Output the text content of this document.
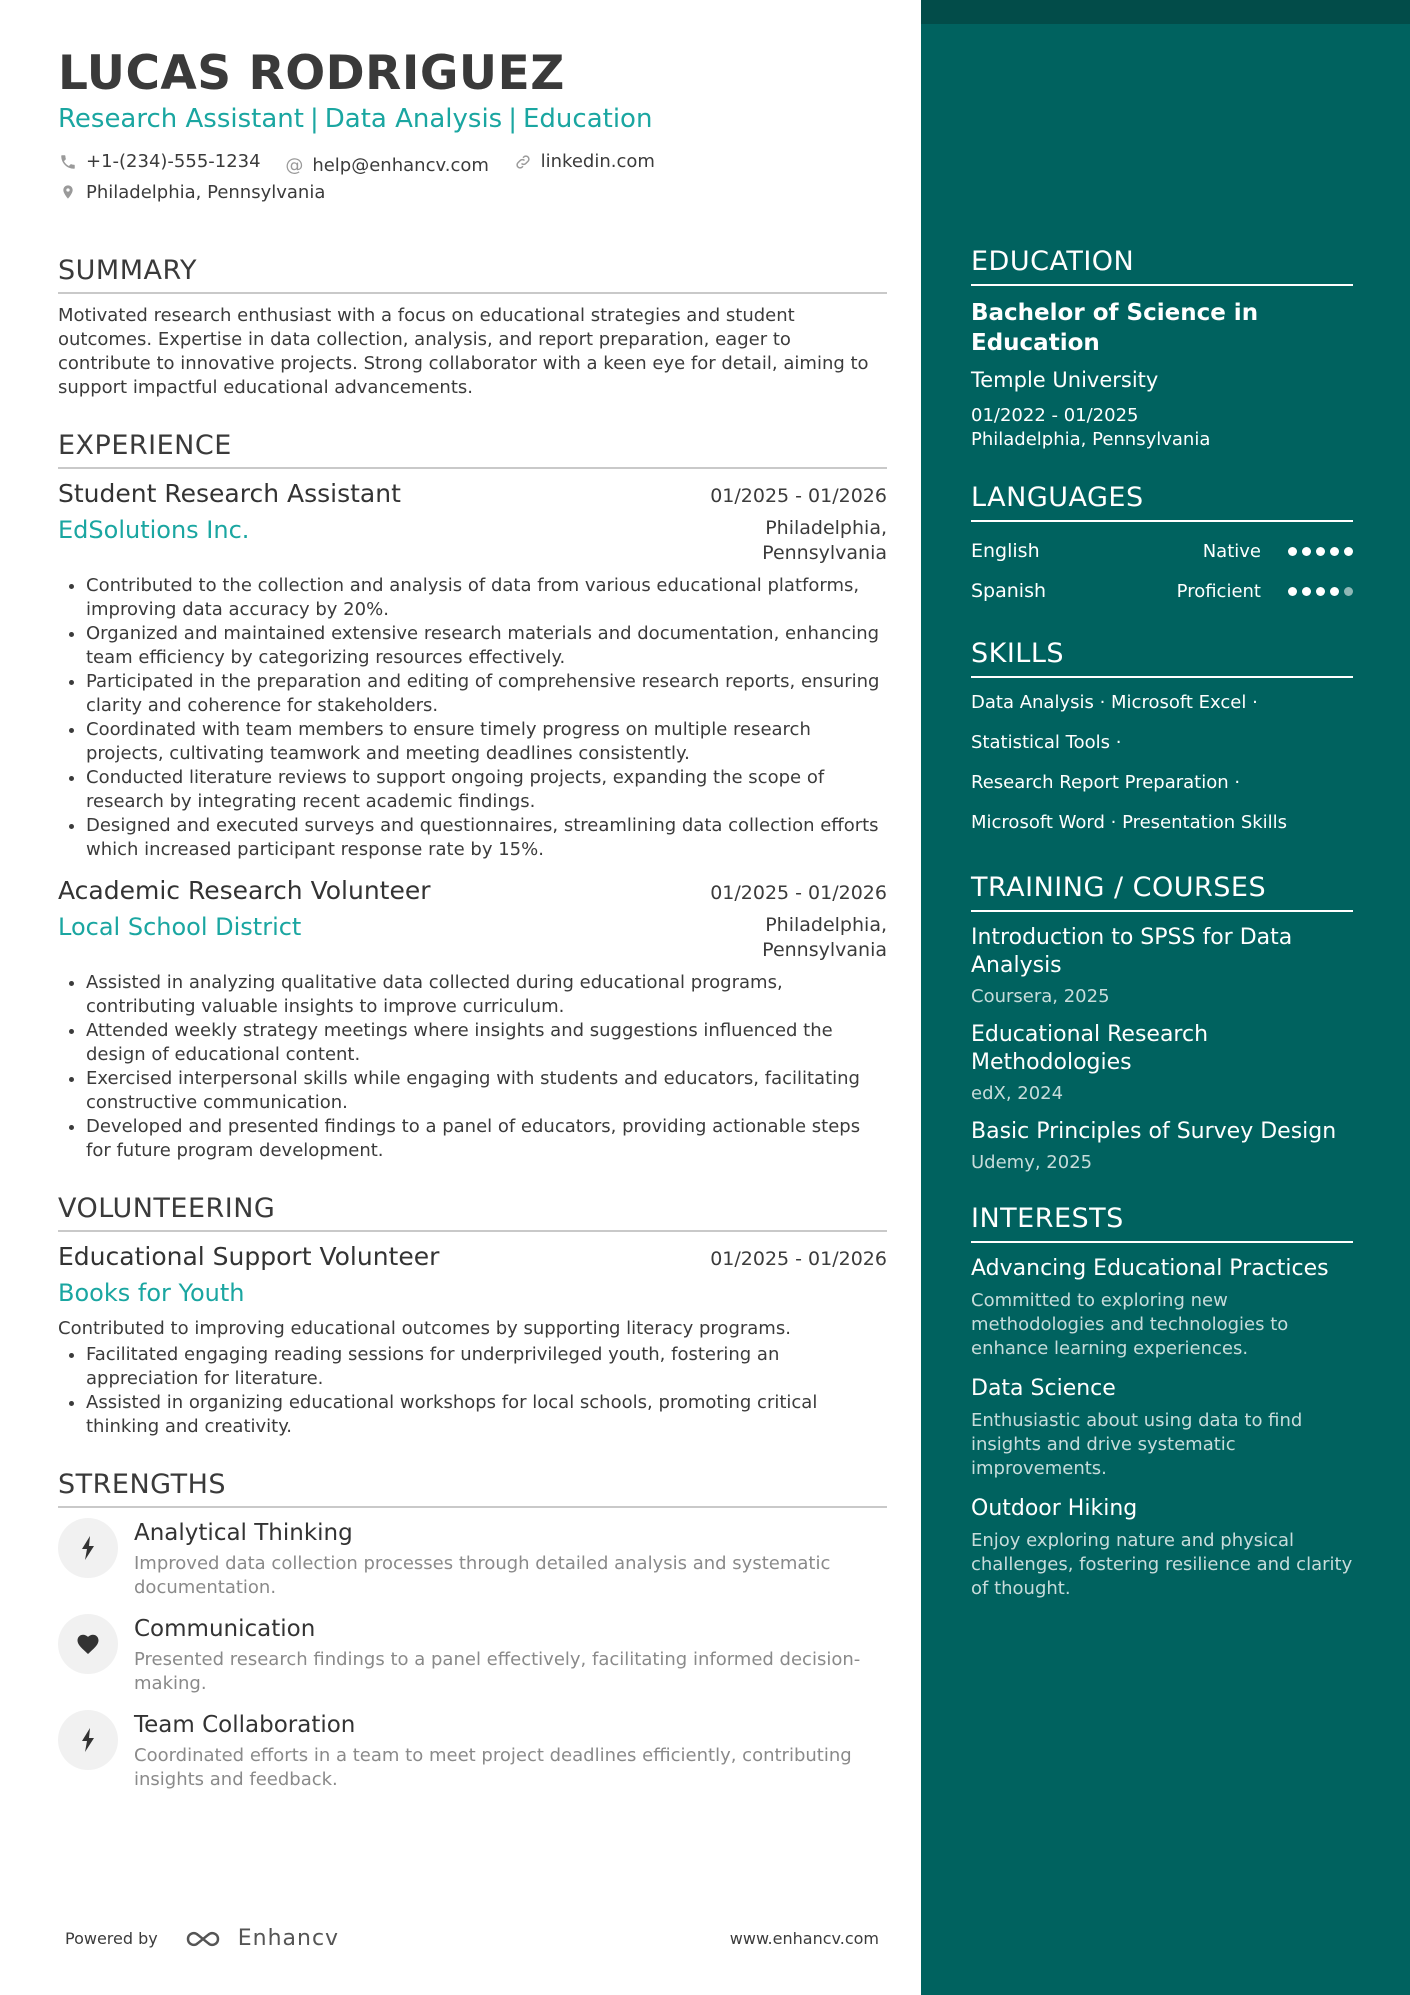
LUCAS RODRIGUEZ
Research Assistant | Data Analysis | Education
+1-(234)-555-1234
@ help@enhancv.com
	linkedin.com
Philadelphia, Pennsylvania
SUMMARY
Motivated research enthusiast with a focus on educational strategies and student outcomes. Expertise in data collection, analysis, and report preparation, eager to contribute to innovative projects. Strong collaborator with a keen eye for detail, aiming to support impactful educational advancements.
EXPERIENCE
Student Research Assistant	01/2025 - 01/2026
EdSolutions Inc.	Philadelphia,
Pennsylvania
• Contributed to the collection and analysis of data from various educational platforms, improving data accuracy by 20%.
• Organized and maintained extensive research materials and documentation, enhancing team efficiency by categorizing resources effectively.
• Participated in the preparation and editing of comprehensive research reports, ensuring clarity and coherence for stakeholders.
• Coordinated with team members to ensure timely progress on multiple research projects, cultivating teamwork and meeting deadlines consistently.
• Conducted literature reviews to support ongoing projects, expanding the scope of research by integrating recent academic findings.
• Designed and executed surveys and questionnaires, streamlining data collection efforts which increased participant response rate by 15%.
Academic Research Volunteer	01/2025 - 01/2026
Local School District	Philadelphia,
Pennsylvania
• Assisted in analyzing qualitative data collected during educational programs, contributing valuable insights to improve curriculum.
• Attended weekly strategy meetings where insights and suggestions influenced the design of educational content.
• Exercised interpersonal skills while engaging with students and educators, facilitating constructive communication.
• Developed and presented findings to a panel of educators, providing actionable steps for future program development.
VOLUNTEERING
Educational Support Volunteer	01/2025 - 01/2026
Books for Youth
Contributed to improving educational outcomes by supporting literacy programs.
• Facilitated engaging reading sessions for underprivileged youth, fostering an appreciation for literature.
• Assisted in organizing educational workshops for local schools, promoting critical thinking and creativity.
STRENGTHS
Analytical Thinking
Improved data collection processes through detailed analysis and systematic documentation.
Communication
Presented research findings to a panel effectively, facilitating informed decision-making.
Team Collaboration
Coordinated efforts in a team to meet project deadlines efficiently, contributing insights and feedback.
Powered by	Enhancv	www.enhancv.com
EDUCATION
Bachelor of Science in Education
Temple University
01/2022 - 01/2025
Philadelphia, Pennsylvania
LANGUAGES
English	Native
Spanish	Proficient
SKILLS
Data Analysis · Microsoft Excel ·
Statistical Tools ·
Research Report Preparation ·
Microsoft Word · Presentation Skills
TRAINING / COURSES
Introduction to SPSS for Data Analysis
Coursera, 2025
Educational Research Methodologies
edX, 2024
Basic Principles of Survey Design
Udemy, 2025
INTERESTS
Advancing Educational Practices
Committed to exploring new methodologies and technologies to enhance learning experiences.
Data Science
Enthusiastic about using data to find insights and drive systematic improvements.
Outdoor Hiking
Enjoy exploring nature and physical challenges, fostering resilience and clarity of thought.
